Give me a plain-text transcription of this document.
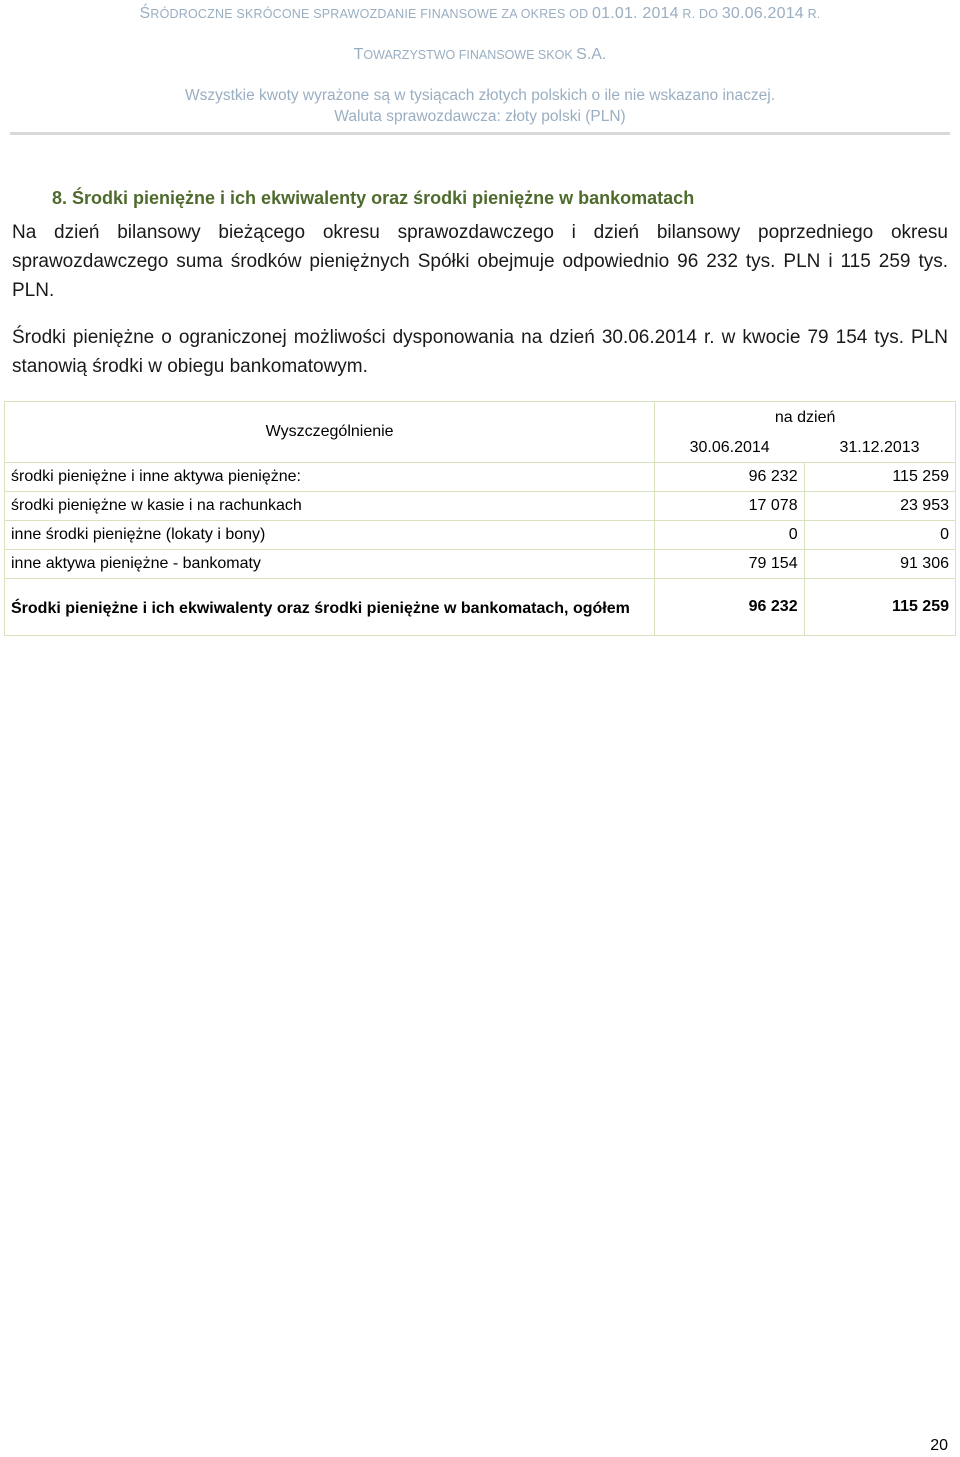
ŚRÓDROCZNE SKRÓCONE SPRAWOZDANIE FINANSOWE ZA OKRES OD 01.01. 2014 R. DO 30.06.2014 R.
TOWARZYSTWO FINANSOWE SKOK S.A.
Wszystkie kwoty wyrażone są w tysiącach złotych polskich o ile nie wskazano inaczej.
Waluta sprawozdawcza: złoty polski (PLN)
8. Środki pieniężne i ich ekwiwalenty oraz środki pieniężne w bankomatach
Na dzień bilansowy bieżącego okresu sprawozdawczego i dzień bilansowy poprzedniego okresu sprawozdawczego suma środków pieniężnych Spółki obejmuje odpowiednio 96 232 tys. PLN i 115 259 tys. PLN.
Środki pieniężne o ograniczonej możliwości dysponowania na dzień 30.06.2014 r. w kwocie 79 154 tys. PLN stanowią środki w obiegu bankomatowym.
Wyszczególnienie	na dzień	
	30.06.2014	31.12.2013
środki pieniężne i inne aktywa pieniężne:	96 232	115 259
środki pieniężne w kasie i na rachunkach	17 078	23 953
inne środki pieniężne (lokaty i bony)	0	0
inne aktywa pieniężne - bankomaty	79 154	91 306
Środki pieniężne i ich ekwiwalenty oraz środki pieniężne w bankomatach, ogółem	96 232	115 259
20
